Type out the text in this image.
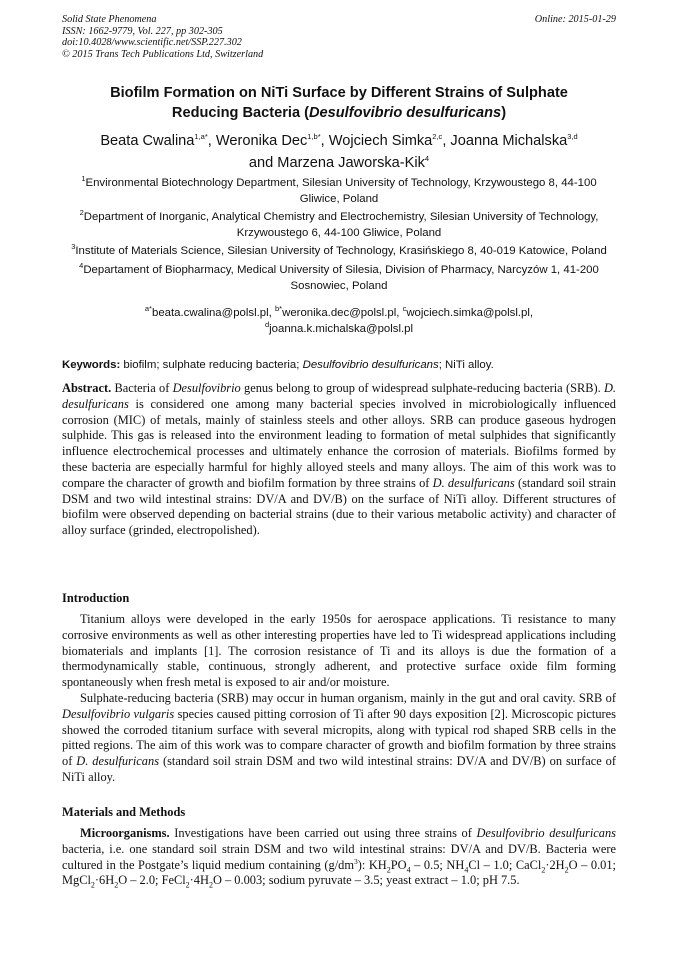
Solid State Phenomena
ISSN: 1662-9779, Vol. 227, pp 302-305
doi:10.4028/www.scientific.net/SSP.227.302
© 2015 Trans Tech Publications Ltd, Switzerland
Online: 2015-01-29
Biofilm Formation on NiTi Surface by Different Strains of Sulphate
Reducing Bacteria (Desulfovibrio desulfuricans)
Beata Cwalina$^{1,a*}$, Weronika Dec$^{1,b*}$, Wojciech Simka$^{2,c}$, Joanna Michalska$^{3,d}$
and Marzena Jaworska-Kik$^4$
$^1$Environmental Biotechnology Department, Silesian University of Technology, Krzywoustego 8, 44-100 Gliwice, Poland
$^2$Department of Inorganic, Analytical Chemistry and Electrochemistry, Silesian University of Technology, Krzywoustego 6, 44-100 Gliwice, Poland
$^3$Institute of Materials Science, Silesian University of Technology, Krasińskiego 8, 40-019 Katowice, Poland
$^4$Departament of Biopharmacy, Medical University of Silesia, Division of Pharmacy, Narcyzów 1, 41-200 Sosnowiec, Poland
$^{a*}$beata.cwalina@polsl.pl, $^{b*}$weronika.dec@polsl.pl, $^c$wojciech.simka@polsl.pl,
$^d$joanna.k.michalska@polsl.pl
Keywords: biofilm; sulphate reducing bacteria; Desulfovibrio desulfuricans; NiTi alloy.
Abstract. Bacteria of Desulfovibrio genus belong to group of widespread sulphate-reducing bacteria (SRB). D. desulfuricans is considered one among many bacterial species involved in microbiologically influenced corrosion (MIC) of metals, mainly of stainless steels and other alloys. SRB can produce gaseous hydrogen sulphide. This gas is released into the environment leading to formation of metal sulphides that significantly influence electrochemical processes and ultimately enhance the corrosion of materials. Biofilms formed by these bacteria are especially harmful for highly alloyed steels and many alloys. The aim of this work was to compare the character of growth and biofilm formation by three strains of D. desulfuricans (standard soil strain DSM and two wild intestinal strains: DV/A and DV/B) on the surface of NiTi alloy. Different structures of biofilm were observed depending on bacterial strains (due to their various metabolic activity) and character of alloy surface (grinded, electropolished).
Introduction

Titanium alloys were developed in the early 1950s for aerospace applications. Ti resistance to many corrosive environments as well as other interesting properties have led to Ti widespread applications including biomaterials and implants [1]. The corrosion resistance of Ti and its alloys is due the formation of a thermodynamically stable, continuous, strongly adherent, and protective surface oxide film forming spontaneously when fresh metal is exposed to air and/or moisture.

Sulphate-reducing bacteria (SRB) may occur in human organism, mainly in the gut and oral cavity. SRB of Desulfovibrio vulgaris species caused pitting corrosion of Ti after 90 days exposition [2]. Microscopic pictures showed the corroded titanium surface with several micropits, along with typical rod shaped SRB cells in the pitted regions. The aim of this work was to compare character of growth and biofilm formation by three strains of D. desulfuricans (standard soil strain DSM and two wild intestinal strains: DV/A and DV/B) on surface of NiTi alloy.

Materials and Methods

Microorganisms. Investigations have been carried out using three strains of Desulfovibrio desulfuricans bacteria, i.e. one standard soil strain DSM and two wild intestinal strains: DV/A and DV/B. Bacteria were cultured in the Postgate’s liquid medium containing $(g/dm^3)$: $KH_2PO_4 - 0.5$; $NH_4Cl - 1.0$; $CaCl_2\cdot 2H_2O - 0.01$; $MgCl_2\cdot 6H_2O - 2.0$; $FeCl_2\cdot 4H_2O - 0.003$; sodium pyruvate – 3.5; yeast extract – 1.0; pH 7.5.
